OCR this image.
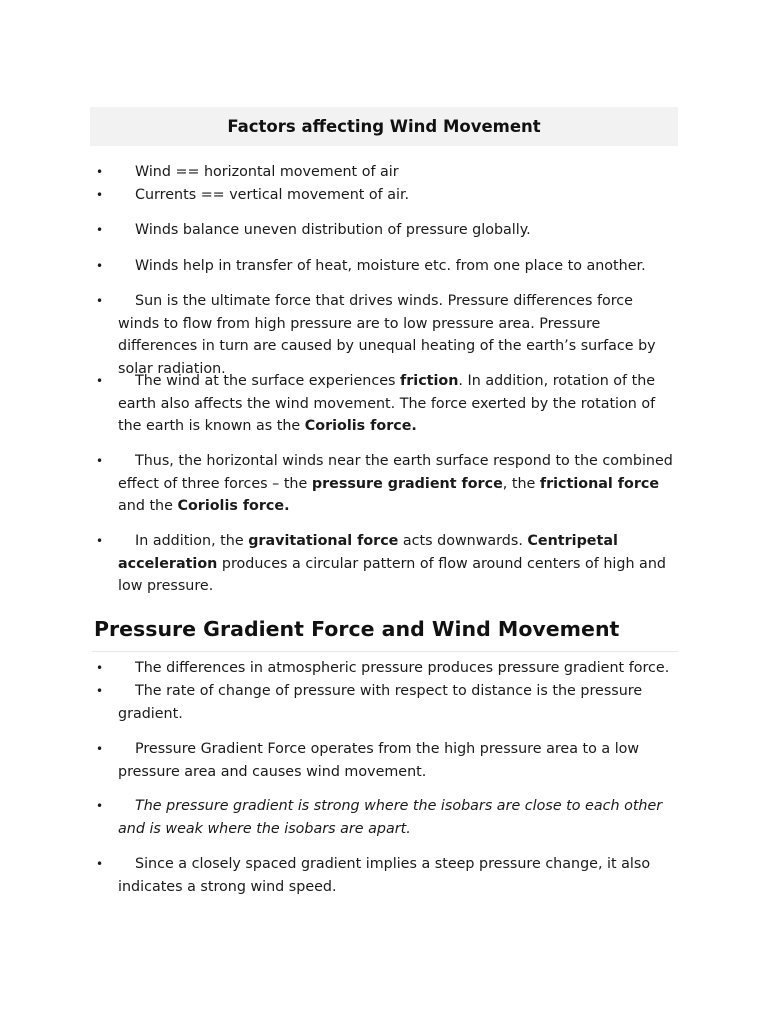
Factors affecting Wind Movement
•	Wind == horizontal movement of air
•	Currents == vertical movement of air.
•	Winds balance uneven distribution of pressure globally.
•	Winds help in transfer of heat, moisture etc. from one place to another.
•	Sun is the ultimate force that drives winds. Pressure differences force winds to flow from high pressure are to low pressure area. Pressure differences in turn are caused by unequal heating of the earth’s surface by solar radiation.
•	The wind at the surface experiences friction. In addition, rotation of the earth also affects the wind movement. The force exerted by the rotation of the earth is known as the Coriolis force.
•	Thus, the horizontal winds near the earth surface respond to the combined effect of three forces – the pressure gradient force, the frictional force and the Coriolis force.
•	In addition, the gravitational force acts downwards. Centripetal acceleration produces a circular pattern of flow around centers of high and low pressure.
Pressure Gradient Force and Wind Movement
•	The differences in atmospheric pressure produces pressure gradient force.
•	The rate of change of pressure with respect to distance is the pressure gradient.
•	Pressure Gradient Force operates from the high pressure area to a low pressure area and causes wind movement.
•	The pressure gradient is strong where the isobars are close to each other and is weak where the isobars are apart.
•	Since a closely spaced gradient implies a steep pressure change, it also indicates a strong wind speed.
